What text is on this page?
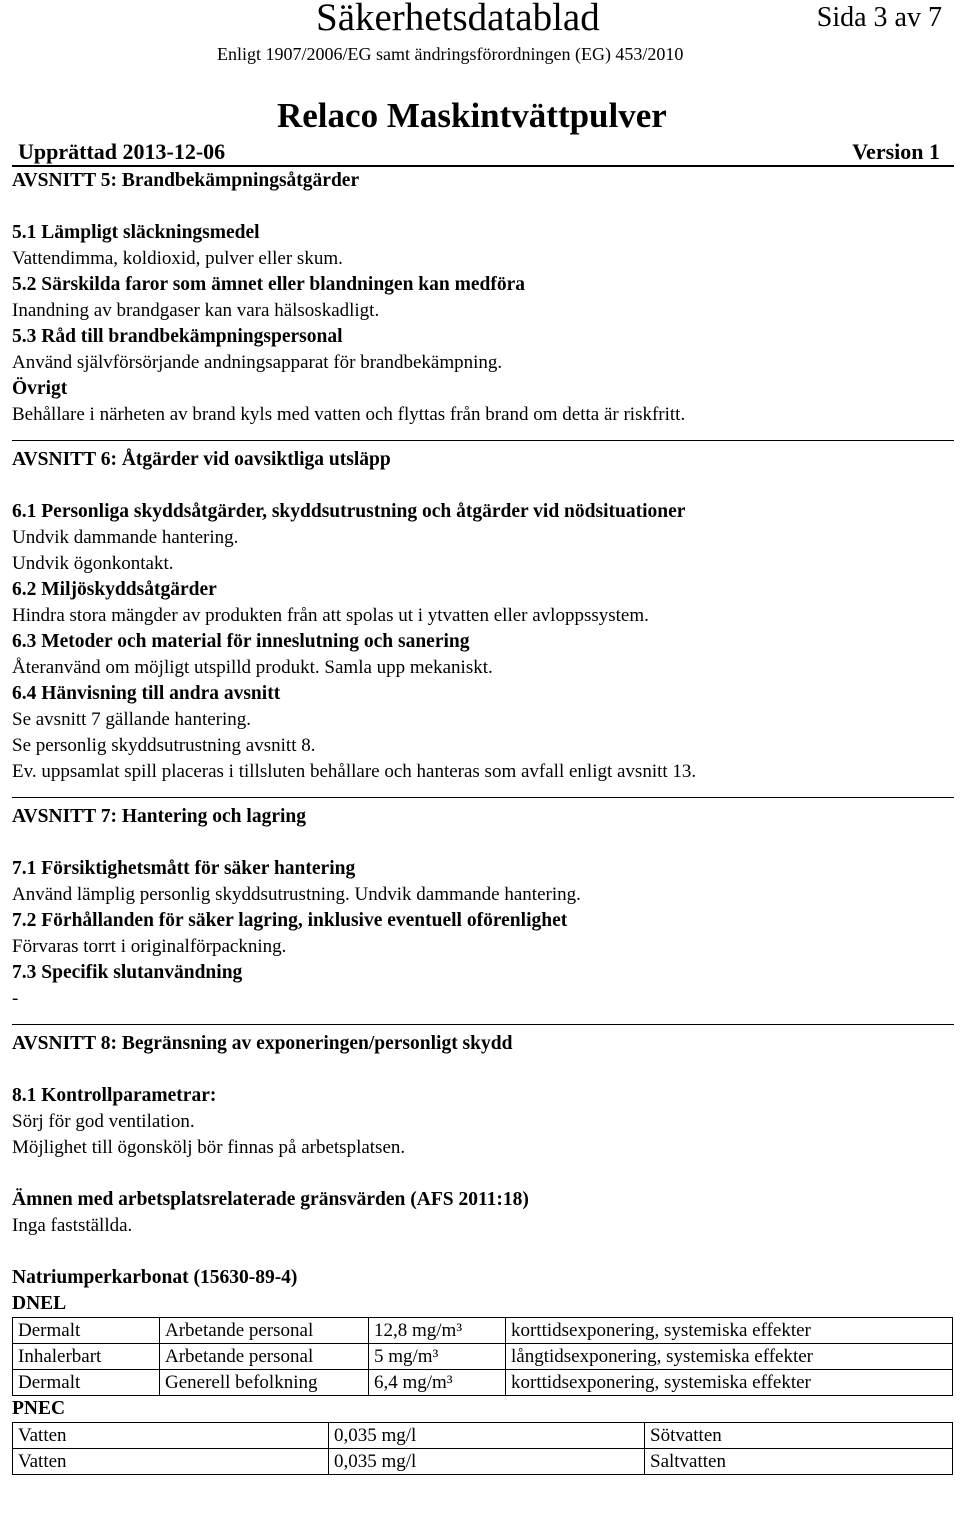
Säkerhetsdatablad	Sida 3 av 7
Enligt 1907/2006/EG samt ändringsförordningen (EG) 453/2010
Relaco Maskintvättpulver
Upprättad 2013-12-06	Version 1

AVSNITT 5: Brandbekämpningsåtgärder

5.1 Lämpligt släckningsmedel

Vattendimma, koldioxid, pulver eller skum.

5.2 Särskilda faror som ämnet eller blandningen kan medföra

Inandning av brandgaser kan vara hälsoskadligt.

5.3 Råd till brandbekämpningspersonal

Använd självförsörjande andningsapparat för brandbekämpning.

Övrigt

Behållare i närheten av brand kyls med vatten och flyttas från brand om detta är riskfritt.

AVSNITT 6: Åtgärder vid oavsiktliga utsläpp

6.1 Personliga skyddsåtgärder, skyddsutrustning och åtgärder vid nödsituationer

Undvik dammande hantering.

Undvik ögonkontakt.

6.2 Miljöskyddsåtgärder

Hindra stora mängder av produkten från att spolas ut i ytvatten eller avloppssystem.

6.3 Metoder och material för inneslutning och sanering

Återanvänd om möjligt utspilld produkt. Samla upp mekaniskt.

6.4 Hänvisning till andra avsnitt

Se avsnitt 7 gällande hantering.

Se personlig skyddsutrustning avsnitt 8.

Ev. uppsamlat spill placeras i tillsluten behållare och hanteras som avfall enligt avsnitt 13.

AVSNITT 7: Hantering och lagring

7.1 Försiktighetsmått för säker hantering

Använd lämplig personlig skyddsutrustning. Undvik dammande hantering.

7.2 Förhållanden för säker lagring, inklusive eventuell oförenlighet

Förvaras torrt i originalförpackning.

7.3 Specifik slutanvändning

-

AVSNITT 8: Begränsning av exponeringen/personligt skydd

8.1 Kontrollparametrar:

Sörj för god ventilation.

Möjlighet till ögonskölj bör finnas på arbetsplatsen.

Ämnen med arbetsplatsrelaterade gränsvärden (AFS 2011:18)

Inga fastställda.

Natriumperkarbonat (15630-89-4)

DNEL

Dermalt	Arbetande personal	12,8 mg/m³	korttidsexponering, systemiska effekter
Inhalerbart	Arbetande personal	5 mg/m³	långtidsexponering, systemiska effekter
Dermalt	Generell befolkning	6,4 mg/m³	korttidsexponering, systemiska effekter

PNEC

Vatten	0,035 mg/l	Sötvatten
Vatten	0,035 mg/l	Saltvatten
